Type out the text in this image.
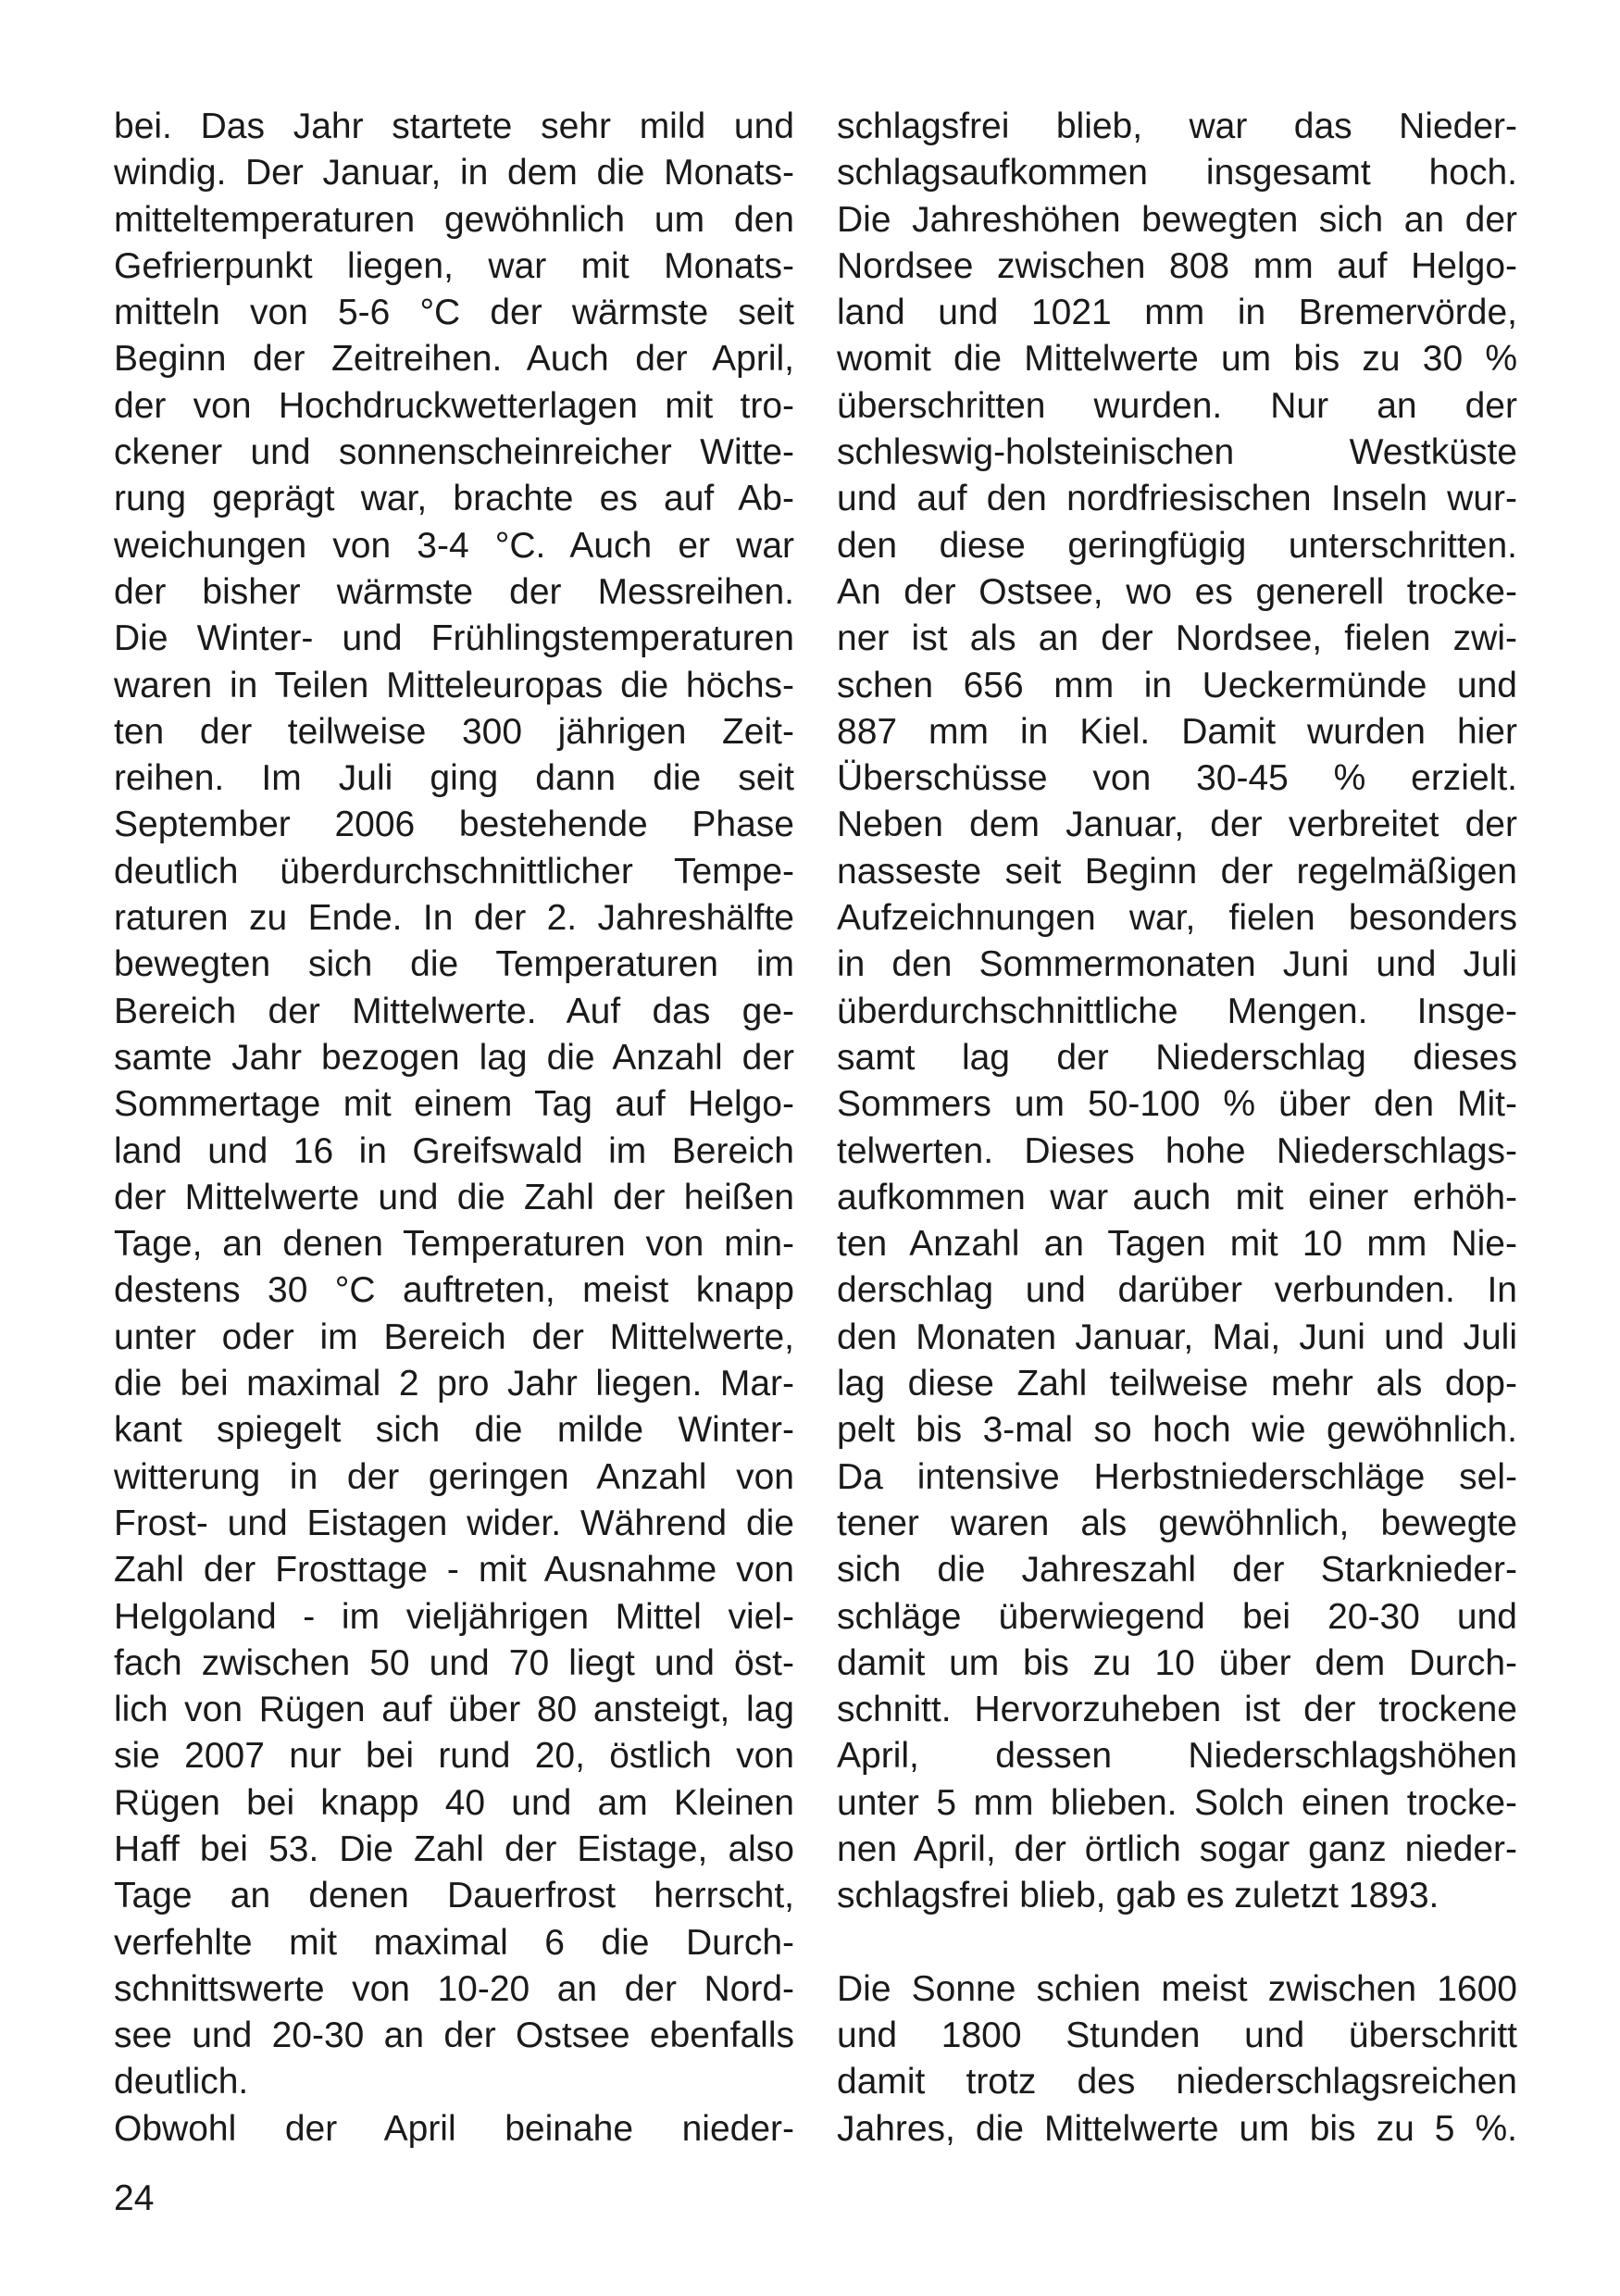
bei. Das Jahr startete sehr mild und
windig. Der Januar, in dem die Monats-
mitteltemperaturen gewöhnlich um den
Gefrierpunkt liegen, war mit Monats-
mitteln von 5-6 °C der wärmste seit
Beginn der Zeitreihen. Auch der April,
der von Hochdruckwetterlagen mit tro-
ckener und sonnenscheinreicher Witte-
rung geprägt war, brachte es auf Ab-
weichungen von 3-4 °C. Auch er war
der bisher wärmste der Messreihen.
Die Winter- und Frühlingstemperaturen
waren in Teilen Mitteleuropas die höchs-
ten der teilweise 300 jährigen Zeit-
reihen. Im Juli ging dann die seit
September 2006 bestehende Phase
deutlich überdurchschnittlicher Tempe-
raturen zu Ende. In der 2. Jahreshälfte
bewegten sich die Temperaturen im
Bereich der Mittelwerte. Auf das ge-
samte Jahr bezogen lag die Anzahl der
Sommertage mit einem Tag auf Helgo-
land und 16 in Greifswald im Bereich
der Mittelwerte und die Zahl der heißen
Tage, an denen Temperaturen von min-
destens 30 °C auftreten, meist knapp
unter oder im Bereich der Mittelwerte,
die bei maximal 2 pro Jahr liegen. Mar-
kant spiegelt sich die milde Winter-
witterung in der geringen Anzahl von
Frost- und Eistagen wider. Während die
Zahl der Frosttage - mit Ausnahme von
Helgoland - im vieljährigen Mittel viel-
fach zwischen 50 und 70 liegt und öst-
lich von Rügen auf über 80 ansteigt, lag
sie 2007 nur bei rund 20, östlich von
Rügen bei knapp 40 und am Kleinen
Haff bei 53. Die Zahl der Eistage, also
Tage an denen Dauerfrost herrscht,
verfehlte mit maximal 6 die Durch-
schnittswerte von 10-20 an der Nord-
see und 20-30 an der Ostsee ebenfalls
deutlich.
Obwohl der April beinahe nieder-
schlagsfrei blieb, war das Nieder-
schlagsaufkommen insgesamt hoch.
Die Jahreshöhen bewegten sich an der
Nordsee zwischen 808 mm auf Helgo-
land und 1021 mm in Bremervörde,
womit die Mittelwerte um bis zu 30 %
überschritten wurden. Nur an der
schleswig-holsteinischen Westküste
und auf den nordfriesischen Inseln wur-
den diese geringfügig unterschritten.
An der Ostsee, wo es generell trocke-
ner ist als an der Nordsee, fielen zwi-
schen 656 mm in Ueckermünde und
887 mm in Kiel. Damit wurden hier
Überschüsse von 30-45 % erzielt.
Neben dem Januar, der verbreitet der
nasseste seit Beginn der regelmäßigen
Aufzeichnungen war, fielen besonders
in den Sommermonaten Juni und Juli
überdurchschnittliche Mengen. Insge-
samt lag der Niederschlag dieses
Sommers um 50-100 % über den Mit-
telwerten. Dieses hohe Niederschlags-
aufkommen war auch mit einer erhöh-
ten Anzahl an Tagen mit 10 mm Nie-
derschlag und darüber verbunden. In
den Monaten Januar, Mai, Juni und Juli
lag diese Zahl teilweise mehr als dop-
pelt bis 3-mal so hoch wie gewöhnlich.
Da intensive Herbstniederschläge sel-
tener waren als gewöhnlich, bewegte
sich die Jahreszahl der Starknieder-
schläge überwiegend bei 20-30 und
damit um bis zu 10 über dem Durch-
schnitt. Hervorzuheben ist der trockene
April, dessen Niederschlagshöhen
unter 5 mm blieben. Solch einen trocke-
nen April, der örtlich sogar ganz nieder-
schlagsfrei blieb, gab es zuletzt 1893.
Die Sonne schien meist zwischen 1600
und 1800 Stunden und überschritt
damit trotz des niederschlagsreichen
Jahres, die Mittelwerte um bis zu 5 %.
24
